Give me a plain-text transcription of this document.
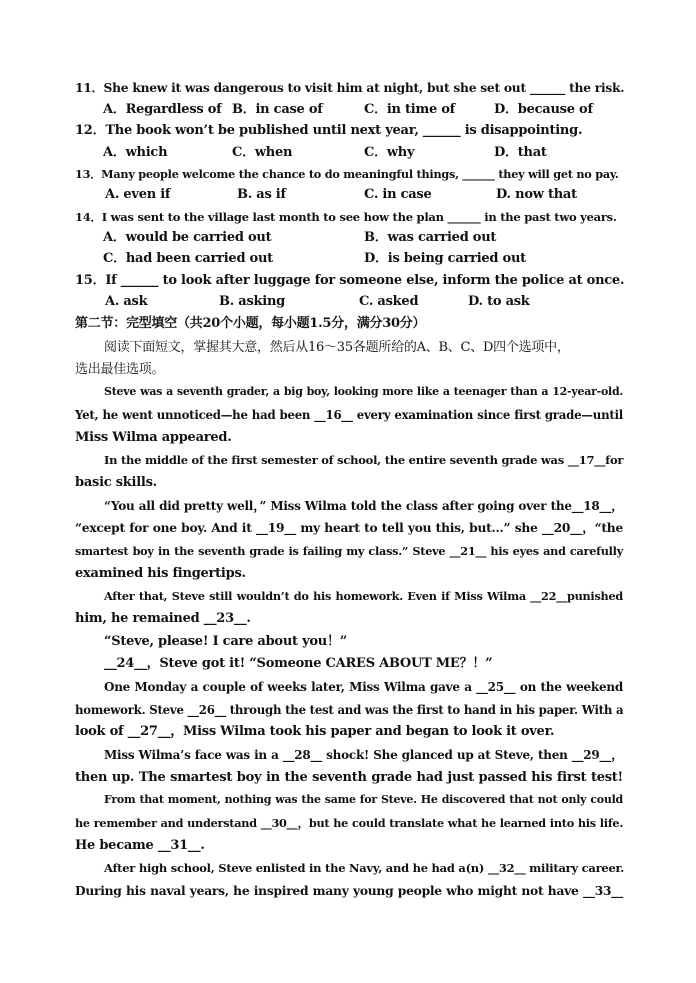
11．She knew it was dangerous to visit him at night, but she set out ______ the risk.
A．Regardless of B．in case of	C．in time of	D．because of
12．The book won’t be published until next year, ______ is disappointing.
A．which	C．when	C．why	D．that
13．Many people welcome the chance to do meaningful things, ______ they will get no pay.
A. even if	B. as if	C. in case	D. now that
14．I was sent to the village last month to see how the plan ______ in the past two years.
A．would be carried out	B．was carried out
C．had been carried out	D．is being carried out
15．If ______ to look after luggage for someone else, inform the police at once.
A. ask	B. asking	C. asked	D. to ask
第二节：完型填空（共20个小题，每小题1.5分，满分30分）
阅读下面短文，掌握其大意，然后从16～35各题所给的A、B、C、D四个选项中，
选出最佳选项。
Steve was a seventh grader, a big boy, looking more like a teenager than a 12-year-old.
Yet, he went unnoticed—he had been __16__ every examination since first grade—until
Miss Wilma appeared.
In the middle of the first semester of school, the entire seventh grade was __17__for
basic skills.
“You all did pretty well，” Miss Wilma told the class after going over the__18__，
“except for one boy. And it __19__ my heart to tell you this, but...” she __20__，“the
smartest boy in the seventh grade is failing my class.” Steve __21__ his eyes and carefully
examined his fingertips.
After that, Steve still wouldn’t do his homework. Even if Miss Wilma __22__punished
him, he remained __23__.
“Steve, please! I care about you！”
__24__，Steve got it! “Someone CARES ABOUT ME？！”
One Monday a couple of weeks later, Miss Wilma gave a __25__ on the weekend
homework. Steve __26__ through the test and was the first to hand in his paper. With a
look of __27__，Miss Wilma took his paper and began to look it over.
Miss Wilma’s face was in a __28__ shock! She glanced up at Steve, then __29__，
then up. The smartest boy in the seventh grade had just passed his first test!
From that moment, nothing was the same for Steve. He discovered that not only could
he remember and understand __30__，but he could translate what he learned into his life.
He became __31__.
After high school, Steve enlisted in the Navy, and he had a(n) __32__ military career.
During his naval years, he inspired many young people who might not have __33__
